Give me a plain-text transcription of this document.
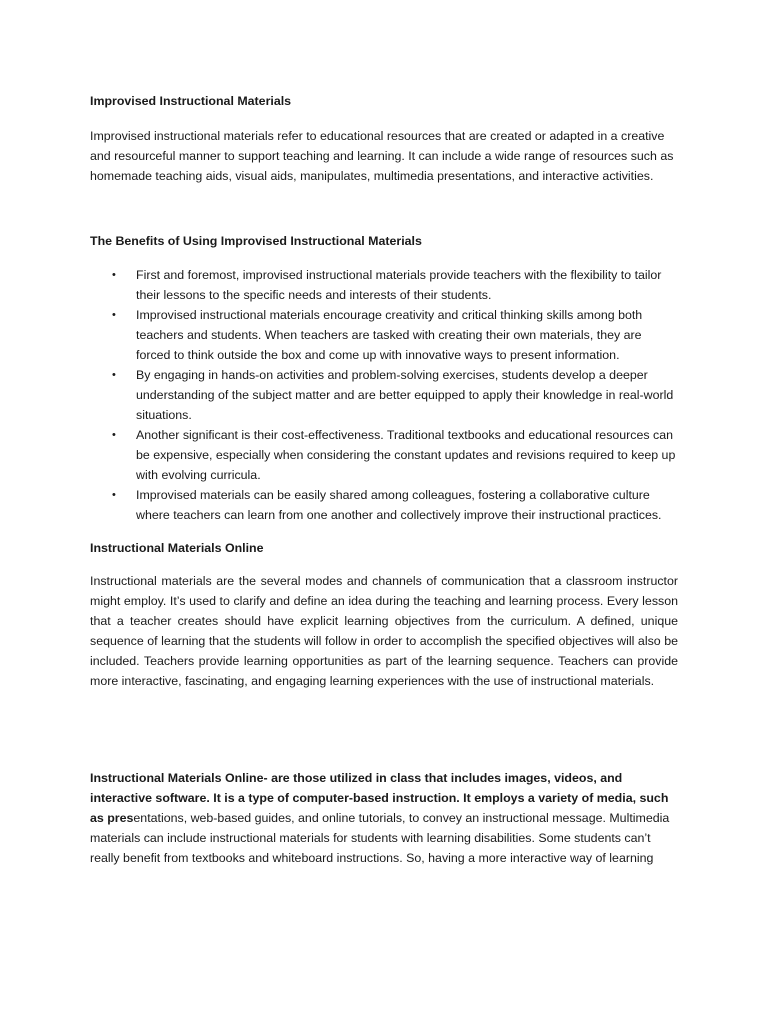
Improvised Instructional Materials

Improvised instructional materials refer to educational resources that are created or adapted in a creative and resourceful manner to support teaching and learning. It can include a wide range of resources such as homemade teaching aids, visual aids, manipulates, multimedia presentations, and interactive activities.

The Benefits of Using Improvised Instructional Materials
• First and foremost, improvised instructional materials provide teachers with the flexibility to tailor their lessons to the specific needs and interests of their students.
• Improvised instructional materials encourage creativity and critical thinking skills among both teachers and students. When teachers are tasked with creating their own materials, they are forced to think outside the box and come up with innovative ways to present information.
• By engaging in hands-on activities and problem-solving exercises, students develop a deeper understanding of the subject matter and are better equipped to apply their knowledge in real-world situations.
• Another significant is their cost-effectiveness. Traditional textbooks and educational resources can be expensive, especially when considering the constant updates and revisions required to keep up with evolving curricula.
• Improvised materials can be easily shared among colleagues, fostering a collaborative culture where teachers can learn from one another and collectively improve their instructional practices.
Instructional Materials Online

Instructional materials are the several modes and channels of communication that a classroom instructor might employ. It’s used to clarify and define an idea during the teaching and learning process. Every lesson that a teacher creates should have explicit learning objectives from the curriculum. A defined, unique sequence of learning that the students will follow in order to accomplish the specified objectives will also be included. Teachers provide learning opportunities as part of the learning sequence. Teachers can provide more interactive, fascinating, and engaging learning experiences with the use of instructional materials.

Instructional Materials Online- are those utilized in class that includes images, videos, and interactive software. It is a type of computer-based instruction. It employs a variety of media, such as presentations, web-based guides, and online tutorials, to convey an instructional message. Multimedia materials can include instructional materials for students with learning disabilities. Some students can’t really benefit from textbooks and whiteboard instructions. So, having a more interactive way of learning
